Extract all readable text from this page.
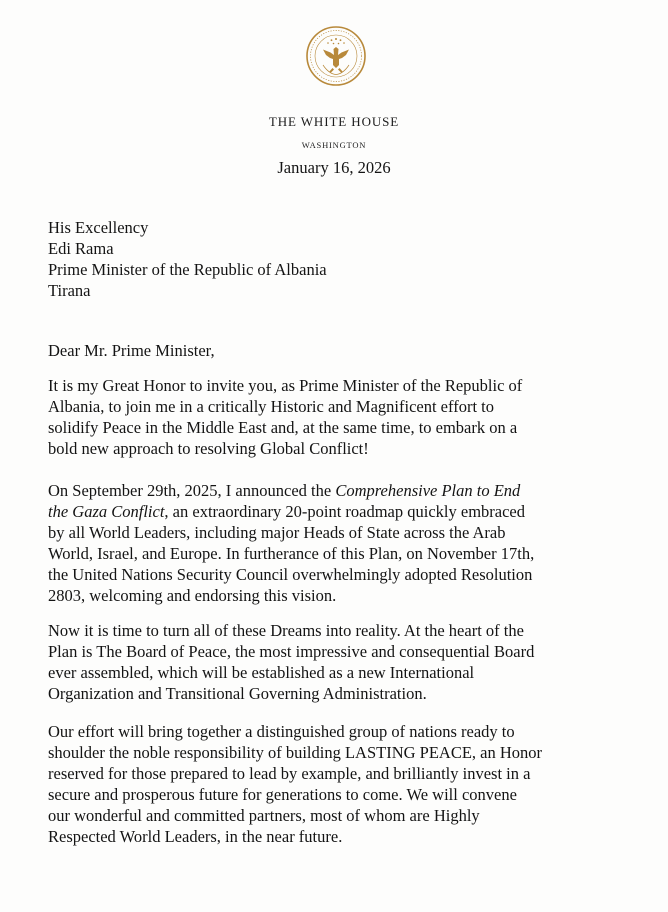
THE WHITE HOUSE
WASHINGTON
January 16, 2026
His Excellency
Edi Rama
Prime Minister of the Republic of Albania
Tirana
Dear Mr. Prime Minister,
It is my Great Honor to invite you, as Prime Minister of the Republic of
Albania, to join me in a critically Historic and Magnificent effort to
solidify Peace in the Middle East and, at the same time, to embark on a
bold new approach to resolving Global Conflict!
On September 29th, 2025, I announced the Comprehensive Plan to End
the Gaza Conflict, an extraordinary 20-point roadmap quickly embraced
by all World Leaders, including major Heads of State across the Arab
World, Israel, and Europe. In furtherance of this Plan, on November 17th,
the United Nations Security Council overwhelmingly adopted Resolution
2803, welcoming and endorsing this vision.
Now it is time to turn all of these Dreams into reality. At the heart of the
Plan is The Board of Peace, the most impressive and consequential Board
ever assembled, which will be established as a new International
Organization and Transitional Governing Administration.
Our effort will bring together a distinguished group of nations ready to
shoulder the noble responsibility of building LASTING PEACE, an Honor
reserved for those prepared to lead by example, and brilliantly invest in a
secure and prosperous future for generations to come. We will convene
our wonderful and committed partners, most of whom are Highly
Respected World Leaders, in the near future.
